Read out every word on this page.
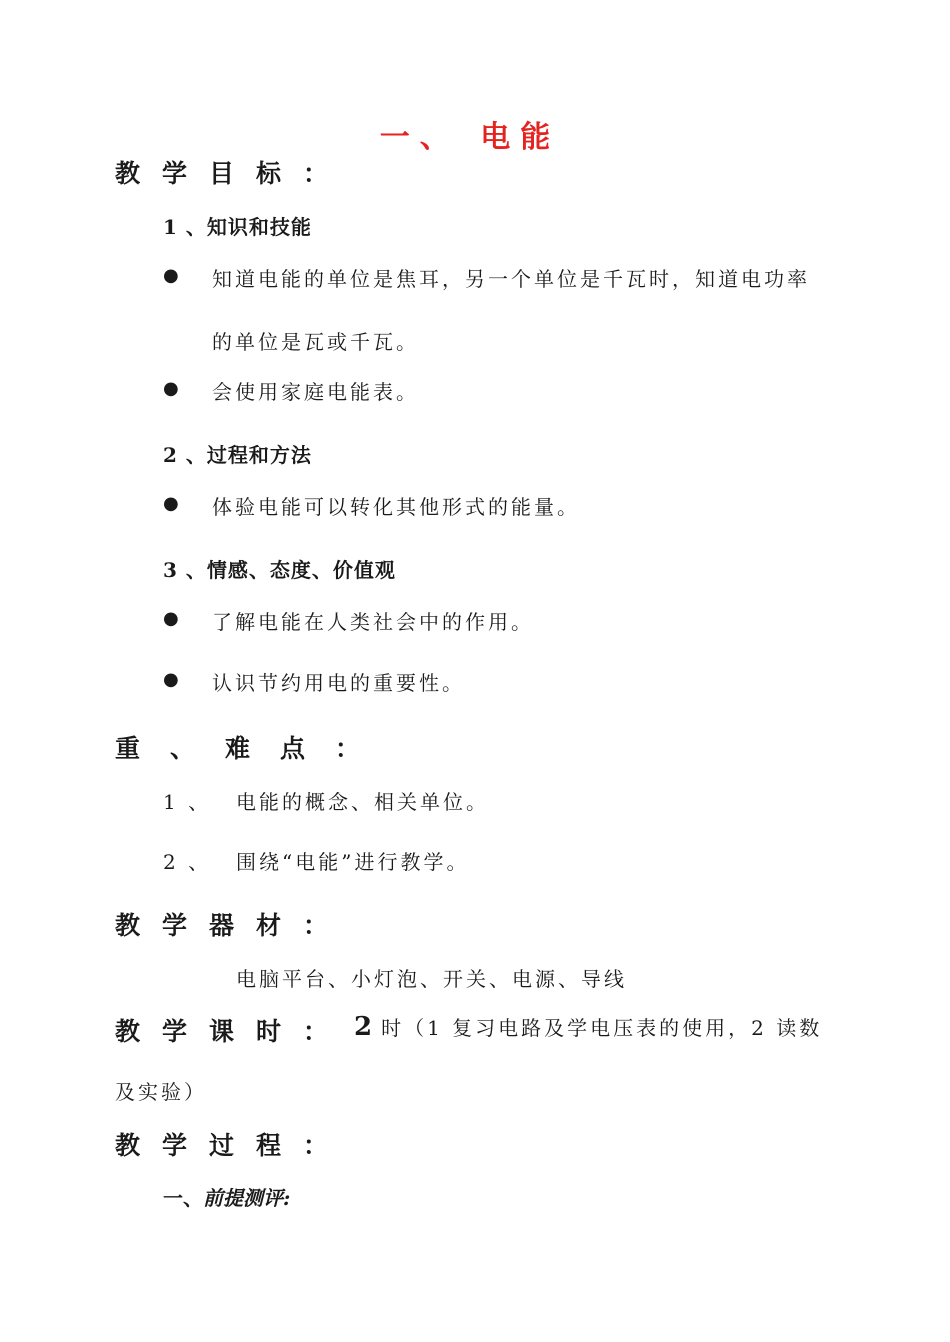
一、 电能
教学目标：
1 、知识和技能
● 知道电能的单位是焦耳，另一个单位是千瓦时，知道电功率
的单位是瓦或千瓦。
● 会使用家庭电能表。
2 、过程和方法
● 体验电能可以转化其他形式的能量。
3 、情感、态度、价值观
● 了解电能在人类社会中的作用。
● 认识节约用电的重要性。
重、难点：
1 、 电能的概念、相关单位。
2 、 围绕“电能”进行教学。
教学器材：
电脑平台、小灯泡、开关、电源、导线
教学课时： 2 时（1 复习电路及学电压表的使用，2 读数
及实验）
教学过程：
一、前提测评:
